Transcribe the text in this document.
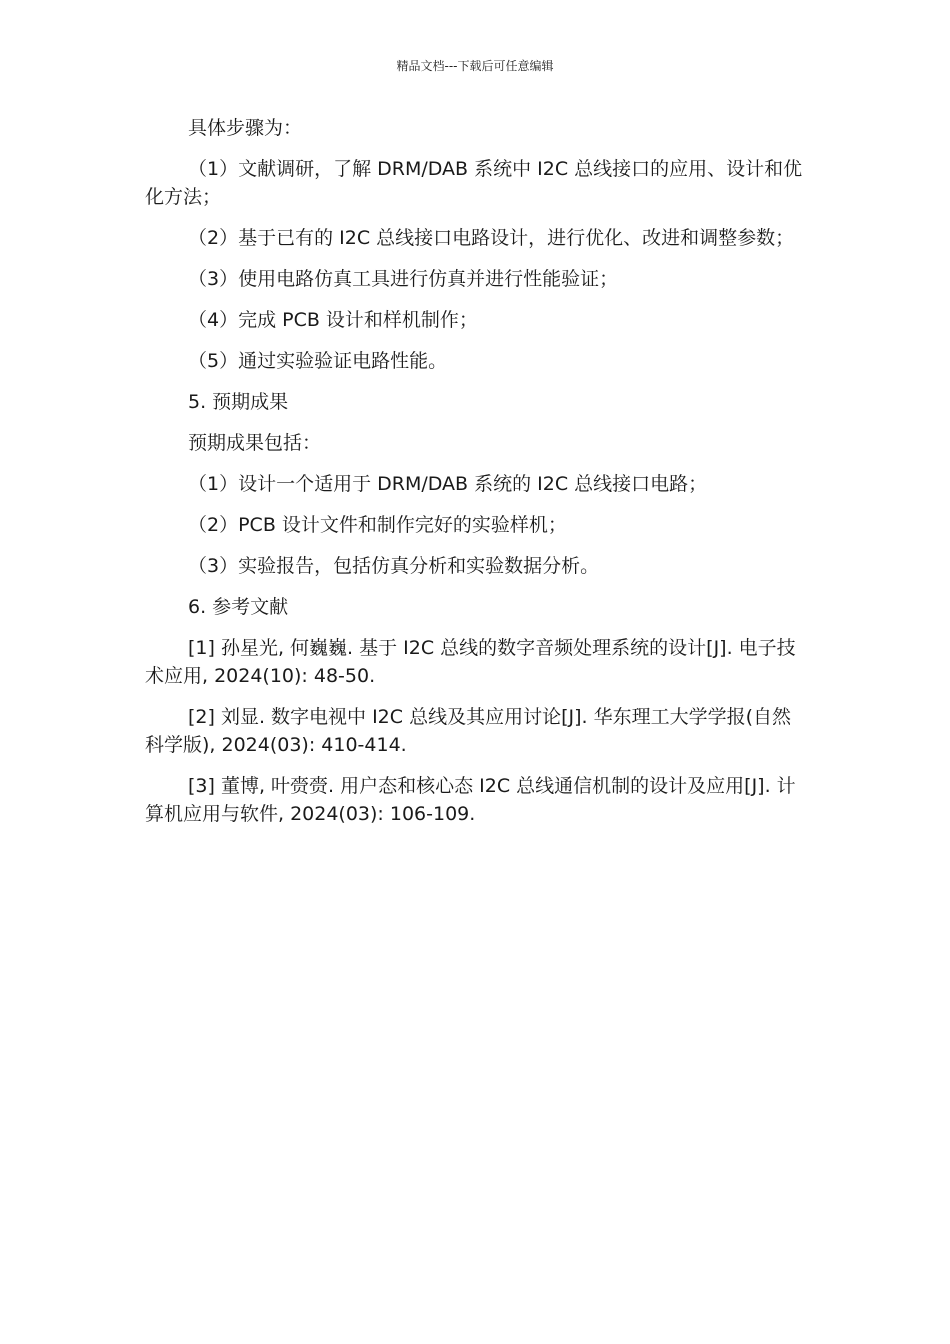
精品文档---下载后可任意编辑

具体步骤为：

（1）文献调研，了解 DRM/DAB 系统中 I2C 总线接口的应用、设计和优化方法；

（2）基于已有的 I2C 总线接口电路设计，进行优化、改进和调整参数；

（3）使用电路仿真工具进行仿真并进行性能验证；

（4）完成 PCB 设计和样机制作；

（5）通过实验验证电路性能。

5. 预期成果

预期成果包括：

（1）设计一个适用于 DRM/DAB 系统的 I2C 总线接口电路；

（2）PCB 设计文件和制作完好的实验样机；

（3）实验报告，包括仿真分析和实验数据分析。

6. 参考文献

[1] 孙星光, 何巍巍. 基于 I2C 总线的数字音频处理系统的设计[J]. 电子技术应用, 2024(10): 48-50.

[2] 刘显. 数字电视中 I2C 总线及其应用讨论[J]. 华东理工大学学报(自然科学版), 2024(03): 410-414.

[3] 董博, 叶赍赍. 用户态和核心态 I2C 总线通信机制的设计及应用[J]. 计算机应用与软件, 2024(03): 106-109.
